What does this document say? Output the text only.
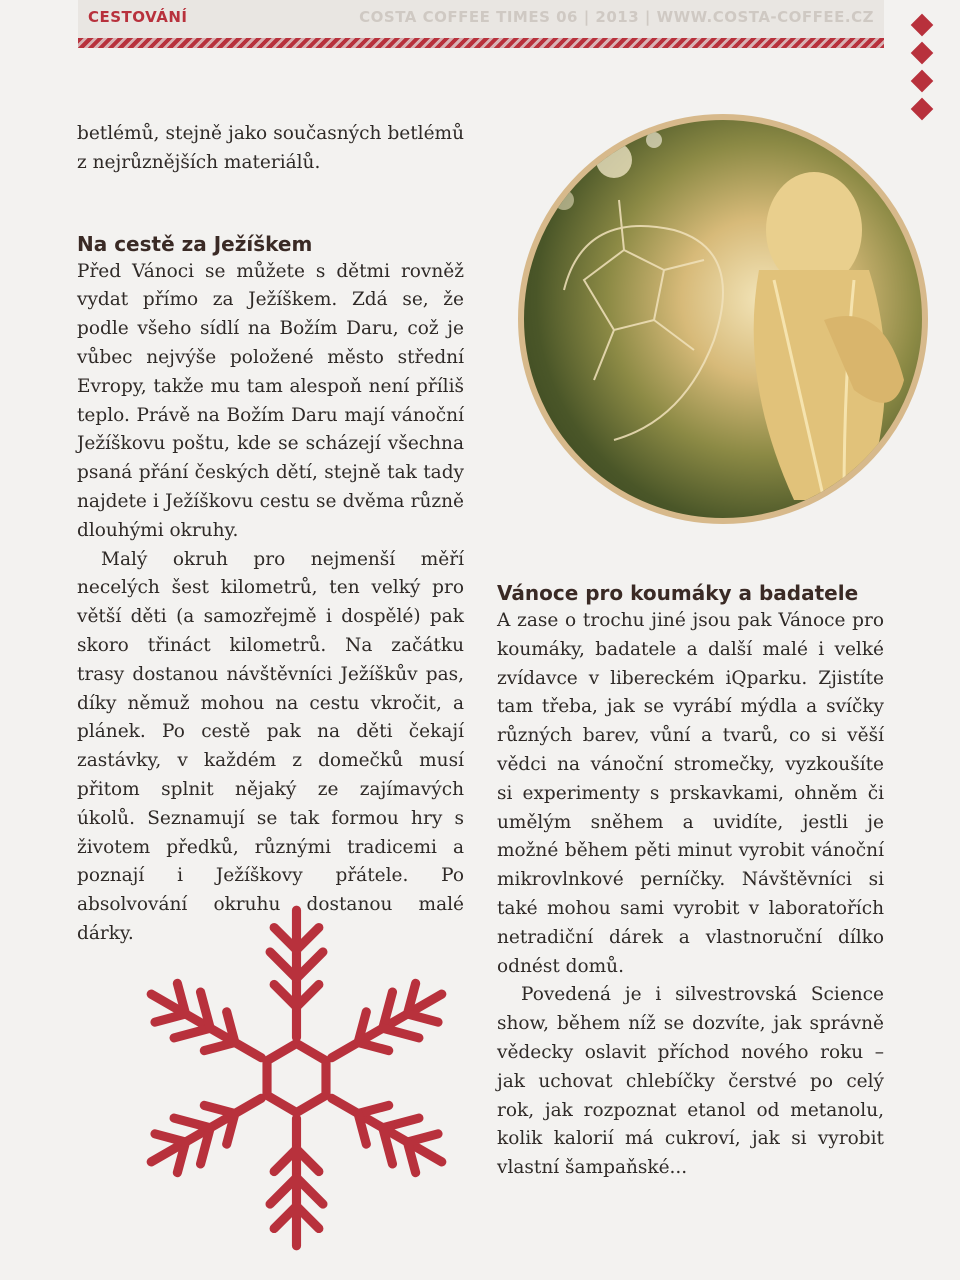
CESTOVÁNÍ	COSTA COFFEE TIMES 06 | 2013 | WWW.COSTA-COFFEE.CZ

betlémů, stejně jako současných betlémů z nejrůznějších materiálů.

Na cestě za Ježíškem

Před Vánoci se můžete s dětmi rovněž vydat přímo za Ježíškem. Zdá se, že podle všeho sídlí na Božím Daru, což je vůbec nejvýše položené město střední Evropy, takže mu tam alespoň není příliš teplo. Právě na Božím Daru mají vánoční Ježíškovu poštu, kde se scházejí všechna psaná přání českých dětí, stejně tak tady najdete i Ježíškovu cestu se dvěma různě dlouhými okruhy.

Malý okruh pro nejmenší měří necelých šest kilometrů, ten velký pro větší děti (a samozřejmě i dospělé) pak skoro třináct kilometrů. Na začátku trasy dostanou návštěvníci Ježíškův pas, díky němuž mohou na cestu vkročit, a plánek. Po cestě pak na děti čekají zastávky, v každém z domečků musí přitom splnit nějaký ze zajímavých úkolů. Seznamují se tak formou hry s životem předků, různými tradicemi a poznají i Ježíškovy přátele. Po absolvování okruhu dostanou malé dárky.

Vánoce pro koumáky a badatele

A zase o trochu jiné jsou pak Vánoce pro koumáky, badatele a další malé i velké zvídavce v libereckém iQparku. Zjistíte tam třeba, jak se vyrábí mýdla a svíčky různých barev, vůní a tvarů, co si věší vědci na vánoční stromečky, vyzkoušíte si experimenty s prskavkami, ohněm či umělým sněhem a uvidíte, jestli je možné během pěti minut vyrobit vánoční mikrovlnkové perníčky. Návštěvníci si také mohou sami vyrobit v laboratořích netradiční dárek a vlastnoruční dílko odnést domů.

Povedená je i silvestrovská Science show, během níž se dozvíte, jak správně vědecky oslavit příchod nového roku – jak uchovat chlebíčky čerstvé po celý rok, jak rozpoznat etanol od metanolu, kolik kalorií má cukroví, jak si vyrobit vlastní šampaňské...
